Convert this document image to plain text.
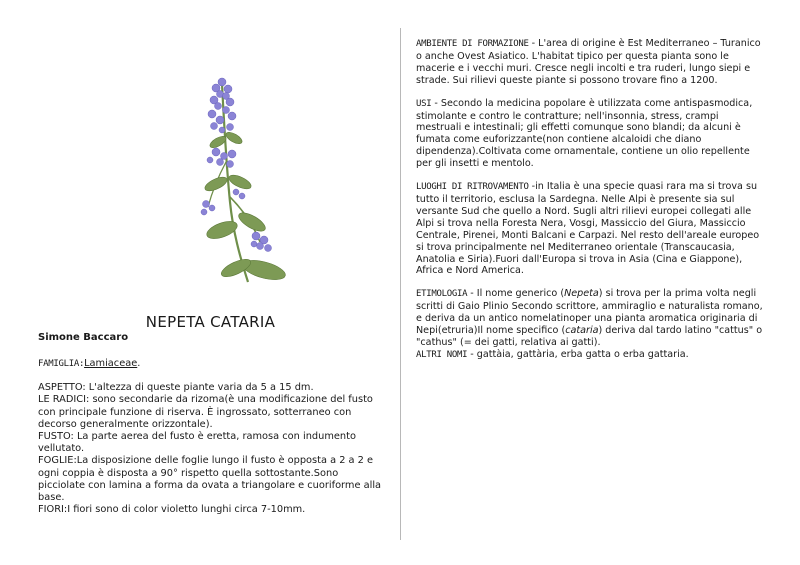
NEPETA CATARIA

Simone Baccaro

FAMIGLIA:Lamiaceae.

ASPETTO: L'altezza di queste piante varia da 5 a 15 dm.

LE RADICI: sono secondarie da rizoma(è una modificazione del fusto con principale funzione di riserva. È ingrossato, sotterraneo con decorso generalmente orizzontale).

FUSTO: La parte aerea del fusto è eretta, ramosa con indumento vellutato.

FOGLIE:La disposizione delle foglie lungo il fusto è opposta a 2 a 2 e ogni coppia è disposta a 90° rispetto quella sottostante.Sono picciolate con lamina a forma da ovata a triangolare e cuoriforme alla base.

FIORI:I fiori sono di color violetto lunghi circa 7-10mm.

AMBIENTE DI FORMAZIONE - L'area di origine è Est Mediterraneo – Turanico o anche Ovest Asiatico. L'habitat tipico per questa pianta sono le macerie e i vecchi muri. Cresce negli incolti e tra ruderi, lungo siepi e strade. Sui rilievi queste piante si possono trovare fino a 1200.

USI - Secondo la medicina popolare è utilizzata come antispasmodica, stimolante e contro le contratture; nell'insonnia, stress, crampi mestruali e intestinali; gli effetti comunque sono blandi; da alcuni è fumata come euforizzante(non contiene alcaloidi che diano dipendenza).Coltivata come ornamentale, contiene un olio repellente per gli insetti e mentolo.

LUOGHI DI RITROVAMENTO -in Italia è una specie quasi rara ma si trova su tutto il territorio, esclusa la Sardegna. Nelle Alpi è presente sia sul versante Sud che quello a Nord. Sugli altri rilievi europei collegati alle Alpi si trova nella Foresta Nera, Vosgi, Massiccio del Giura, Massiccio Centrale, Pirenei, Monti Balcani e Carpazi. Nel resto dell'areale europeo si trova principalmente nel Mediterraneo orientale (Transcaucasia, Anatolia e Siria).Fuori dall'Europa si trova in Asia (Cina e Giappone), Africa e Nord America.

ETIMOLOGIA - Il nome generico (Nepeta) si trova per la prima volta negli scritti di Gaio Plinio Secondo scrittore, ammiraglio e naturalista romano, e deriva da un antico nomelatinoper una pianta aromatica originaria di Nepi(etruria)Il nome specifico (cataria) deriva dal tardo latino "cattus" o "cathus" (= dei gatti, relativa ai gatti).

ALTRI NOMI - gattàia, gattària, erba gatta o erba gattaria.
